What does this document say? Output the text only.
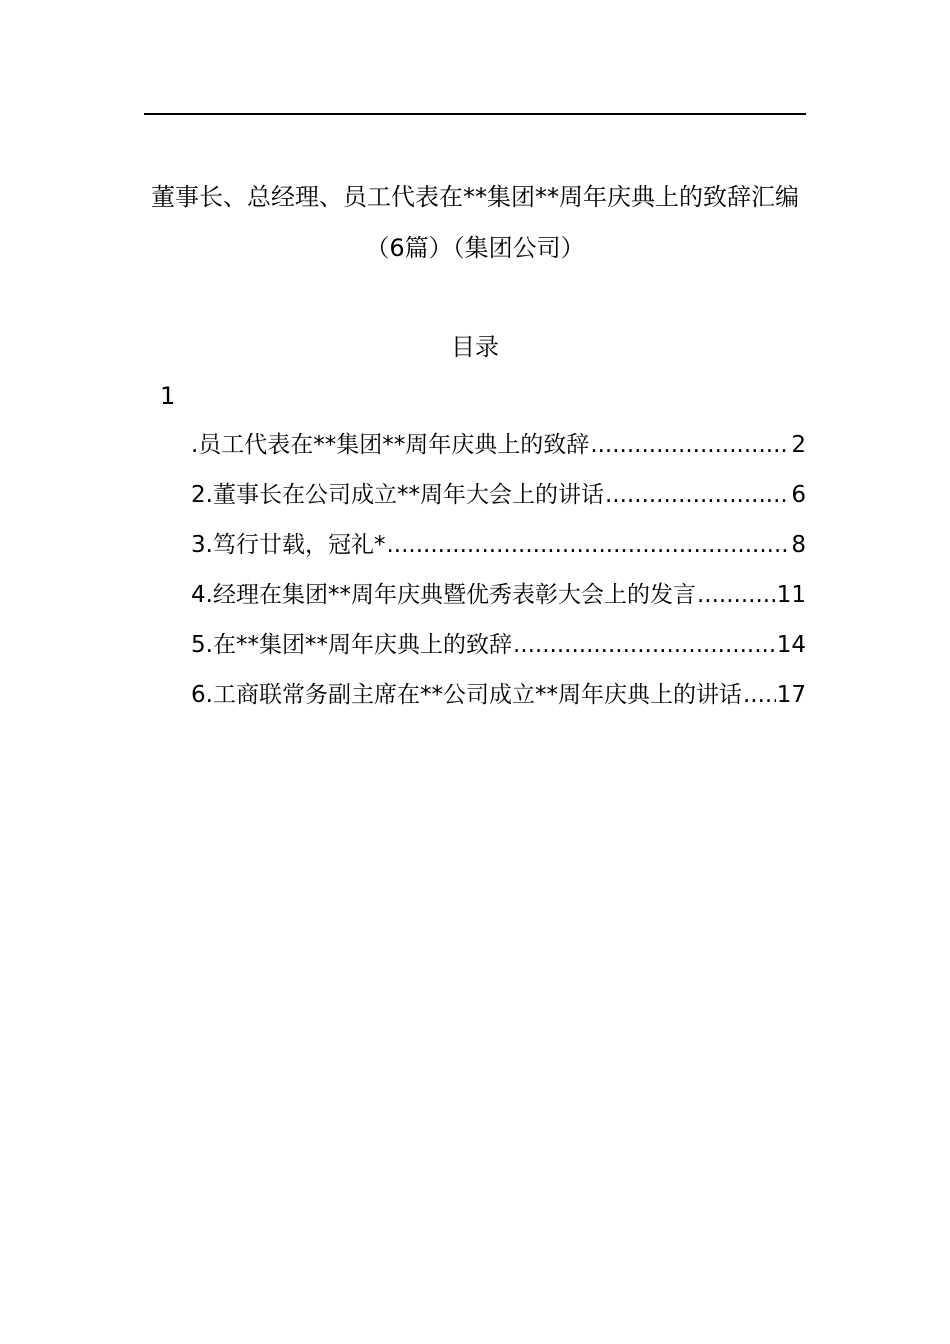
董事长、总经理、员工代表在**集团**周年庆典上的致辞汇编
（6篇）（集团公司）
目录
1
.员工代表在**集团**周年庆典上的致辞 .....	2
2.董事长在公司成立**周年大会上的讲话 .....	6
3.笃行廿载，冠礼* .....	8
4.经理在集团**周年庆典暨优秀表彰大会上的发言 .....	11
5.在**集团**周年庆典上的致辞 .....	14
6.工商联常务副主席在**公司成立**周年庆典上的讲话 ..... 17
